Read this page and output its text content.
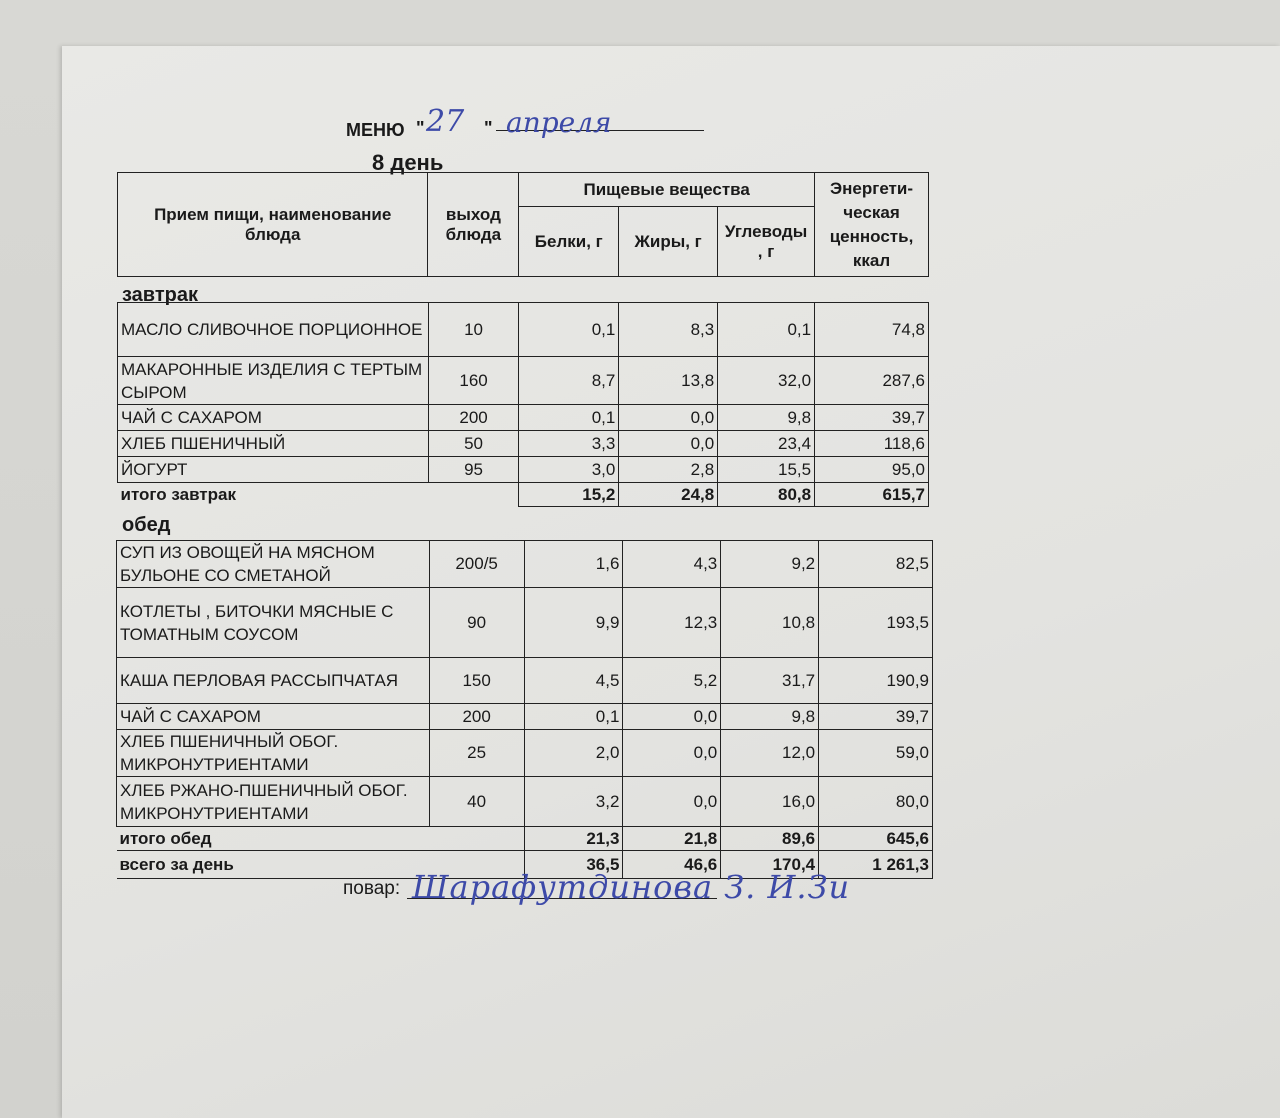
МЕНЮ " 27 " апреля
8 день
Прием пищи, наименование блюда	выход блюда	Пищевые вещества			Энергети-ческая ценность, ккал
		Белки, г	Жиры, г	Углеводы , г	
завтрак
МАСЛО СЛИВОЧНОЕ ПОРЦИОННОЕ	10	0,1	8,3	0,1	74,8
МАКАРОННЫЕ ИЗДЕЛИЯ С ТЕРТЫМ СЫРОМ	160	8,7	13,8	32,0	287,6
ЧАЙ С САХАРОМ	200	0,1	0,0	9,8	39,7
ХЛЕБ ПШЕНИЧНЫЙ	50	3,3	0,0	23,4	118,6
ЙОГУРТ	95	3,0	2,8	15,5	95,0
итого завтрак		15,2	24,8	80,8	615,7
обед
СУП ИЗ ОВОЩЕЙ НА МЯСНОМ БУЛЬОНЕ СО СМЕТАНОЙ	200/5	1,6	4,3	9,2	82,5
КОТЛЕТЫ , БИТОЧКИ МЯСНЫЕ С ТОМАТНЫМ СОУСОМ	90	9,9	12,3	10,8	193,5
КАША ПЕРЛОВАЯ РАССЫПЧАТАЯ	150	4,5	5,2	31,7	190,9
ЧАЙ С САХАРОМ	200	0,1	0,0	9,8	39,7
ХЛЕБ ПШЕНИЧНЫЙ ОБОГ. МИКРОНУТРИЕНТАМИ	25	2,0	0,0	12,0	59,0
ХЛЕБ РЖАНО-ПШЕНИЧНЫЙ ОБОГ. МИКРОНУТРИЕНТАМИ	40	3,2	0,0	16,0	80,0
итого обед		21,3	21,8	89,6	645,6
всего за день		36,5	46,6	170,4	1 261,3
повар: Шарафутдинова З. И.Зи
